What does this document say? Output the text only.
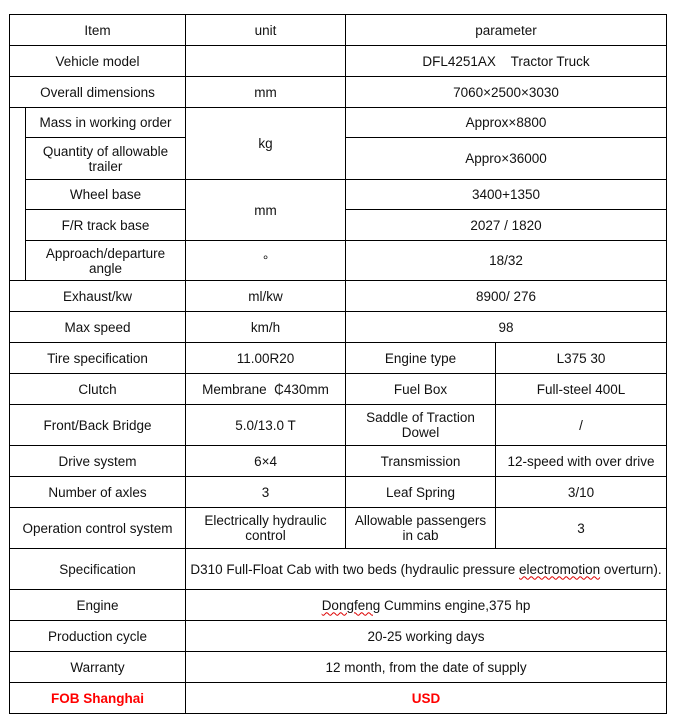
Item		unit	parameter	
Vehicle model			DFL4251AX    Tractor Truck	
Overall dimensions		mm	7060×2500×3030	
	Mass in working order	kg	Approx×8800	
	Quantity of allowable trailer		Appro×36000	
	Wheel base	mm	3400+1350	
	F/R track base		2027 / 1820	
	Approach/departure angle	°	18/32	
Exhaust/kw		ml/kw	8900/ 276	
Max speed		km/h	98	
Tire specification		11.00R20	Engine type	L375 30
Clutch		Membrane  ₵430mm	Fuel Box	Full-steel 400L
Front/Back Bridge		5.0/13.0 T	Saddle of Traction Dowel	/
Drive system		6×4	Transmission	12-speed with over drive
Number of axles		3	Leaf Spring	3/10
Operation control system		Electrically hydraulic control	Allowable passengers in cab	3
Specification		D310 Full-Float Cab with two beds (hydraulic pressure electromotion overturn).		
Engine		Dongfeng Cummins engine,375 hp		
Production cycle		20-25 working days		
Warranty		12 month, from the date of supply		
FOB Shanghai		USD		
